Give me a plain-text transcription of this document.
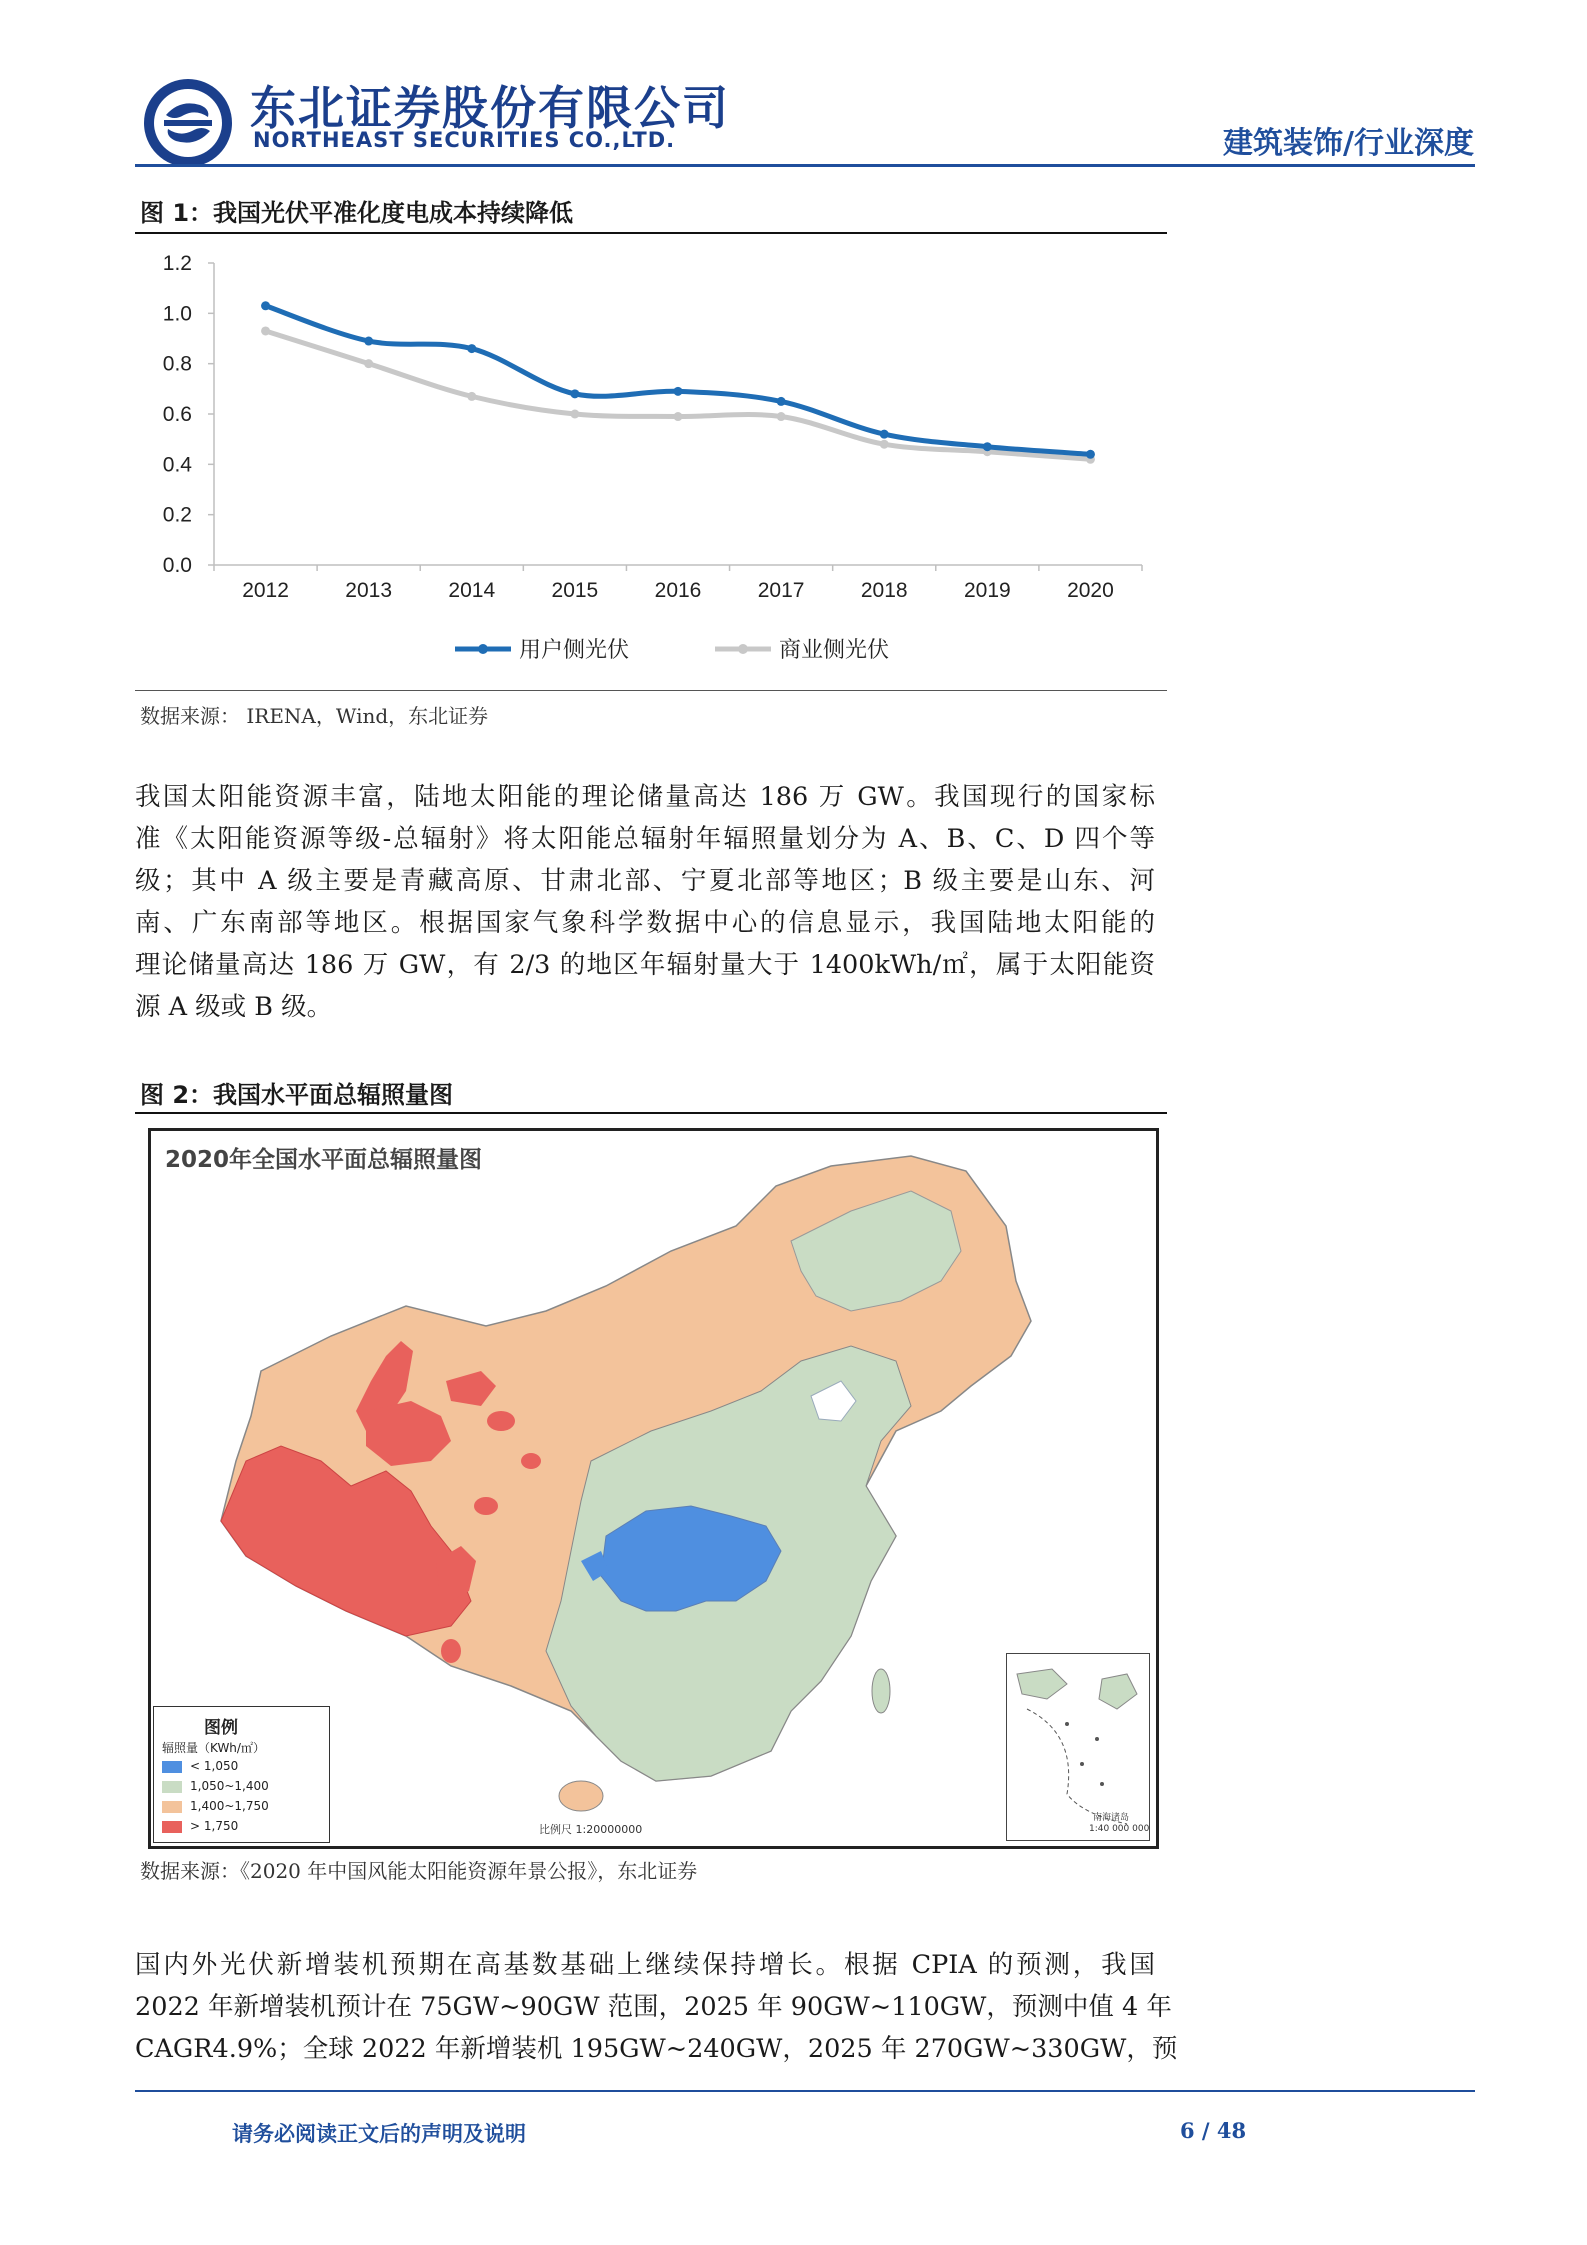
东北证券股份有限公司
NORTHEAST SECURITIES CO.,LTD.	建筑装饰/行业深度
图 1：我国光伏平准化度电成本持续降低
0.0
0.2
0.4
0.6
0.8
1.0
1.2
2012	2013	2014	2015	2016	2017	2018	2019	2020
用户侧光伏	商业侧光伏
数据来源： IRENA，Wind，东北证券
我国太阳能资源丰富，陆地太阳能的理论储量高达 186 万 GW。我国现行的国家标
准《太阳能资源等级-总辐射》将太阳能总辐射年辐照量划分为 A、B、C、D 四个等
级；其中 A 级主要是青藏高原、甘肃北部、宁夏北部等地区；B 级主要是山东、河
南、广东南部等地区。根据国家气象科学数据中心的信息显示，我国陆地太阳能的
理论储量高达 186 万 GW，有 2/3 的地区年辐射量大于 1400kWh/㎡，属于太阳能资
源 A 级或 B 级。
图 2：我国水平面总辐照量图
2020年全国水平面总辐照量图
图例
辐照量（KWh/㎡）
< 1,050
1,050~1,400
1,400~1,750
> 1,750	比例尺 1:20000000
南海诸岛
1:40 000 000
数据来源：《2020 年中国风能太阳能资源年景公报》，东北证券
国内外光伏新增装机预期在高基数基础上继续保持增长。根据 CPIA 的预测，我国
2022 年新增装机预计在 75GW~90GW 范围，2025 年 90GW~110GW，预测中值 4 年
CAGR4.9%；全球 2022 年新增装机 195GW~240GW，2025 年 270GW~330GW，预
请务必阅读正文后的声明及说明	6 / 48
